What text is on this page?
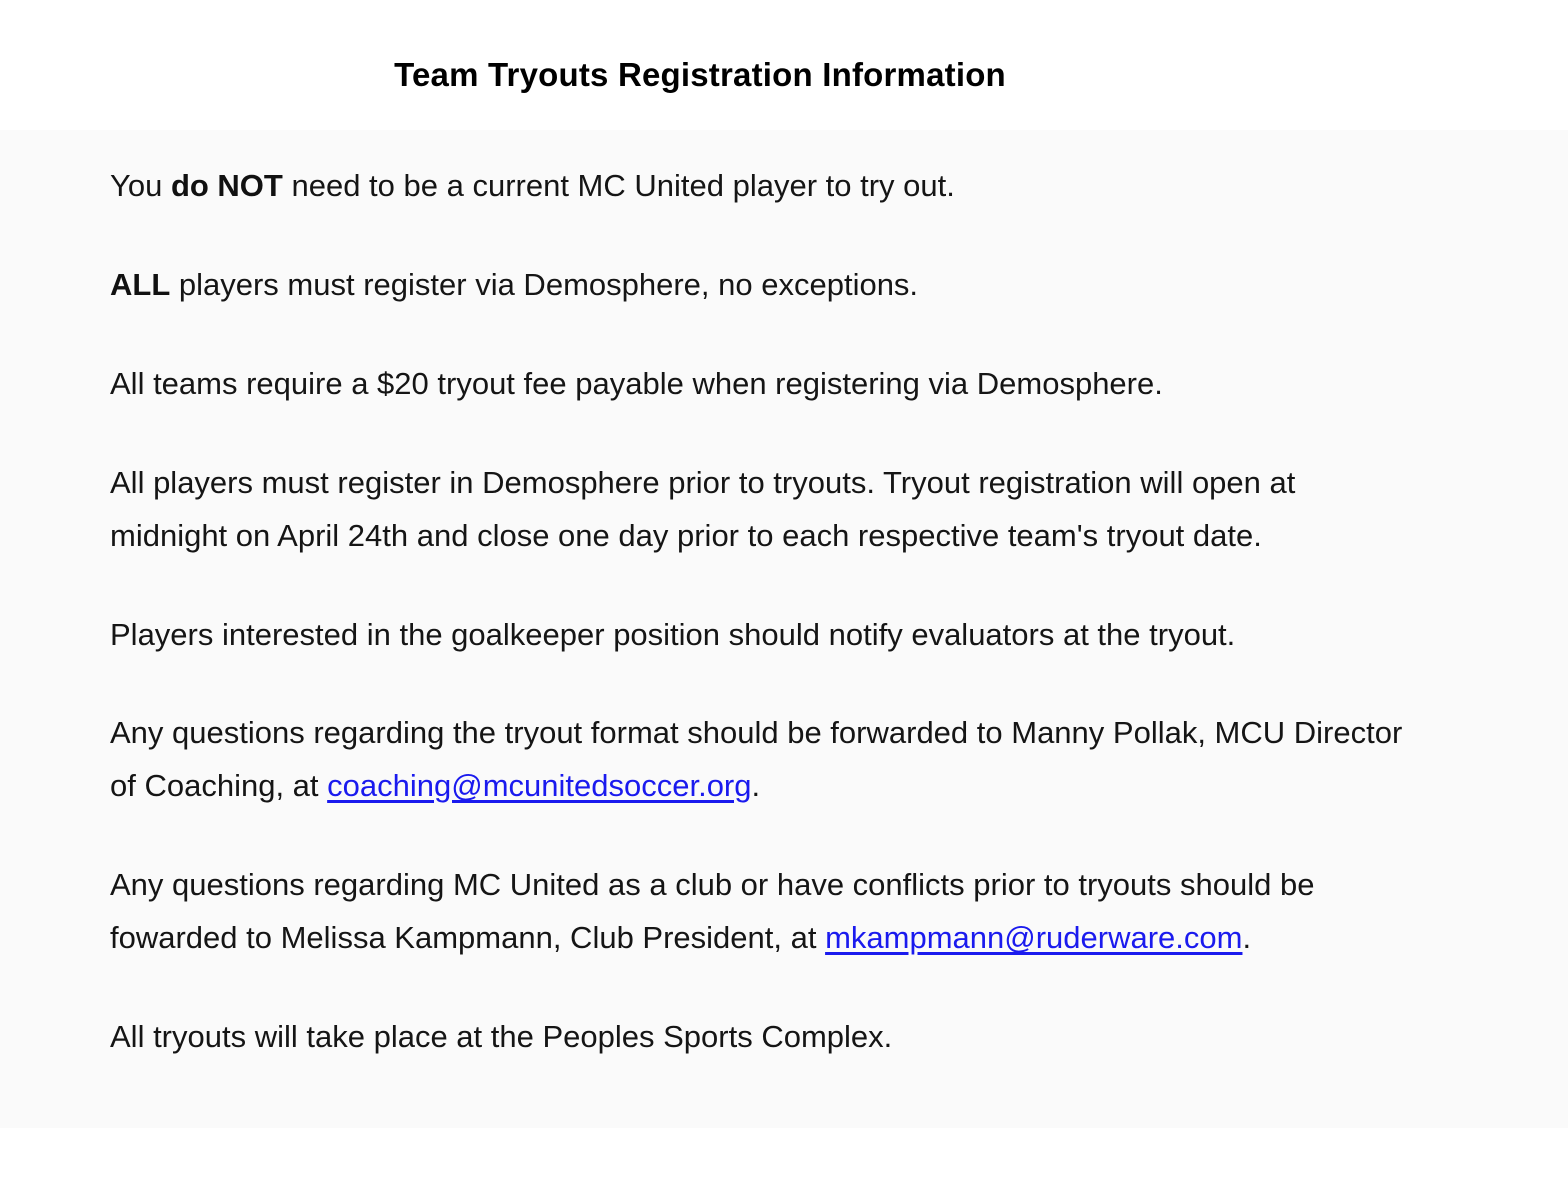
Team Tryouts Registration Information

You do NOT need to be a current MC United player to try out.

ALL players must register via Demosphere, no exceptions.

All teams require a $20 tryout fee payable when registering via Demosphere.

All players must register in Demosphere prior to tryouts. Tryout registration will open at
midnight on April 24th and close one day prior to each respective team's tryout date.

Players interested in the goalkeeper position should notify evaluators at the tryout.

Any questions regarding the tryout format should be forwarded to Manny Pollak, MCU Director
of Coaching, at coaching@mcunitedsoccer.org.

Any questions regarding MC United as a club or have conflicts prior to tryouts should be
fowarded to Melissa Kampmann, Club President, at mkampmann@ruderware.com.

All tryouts will take place at the Peoples Sports Complex.
